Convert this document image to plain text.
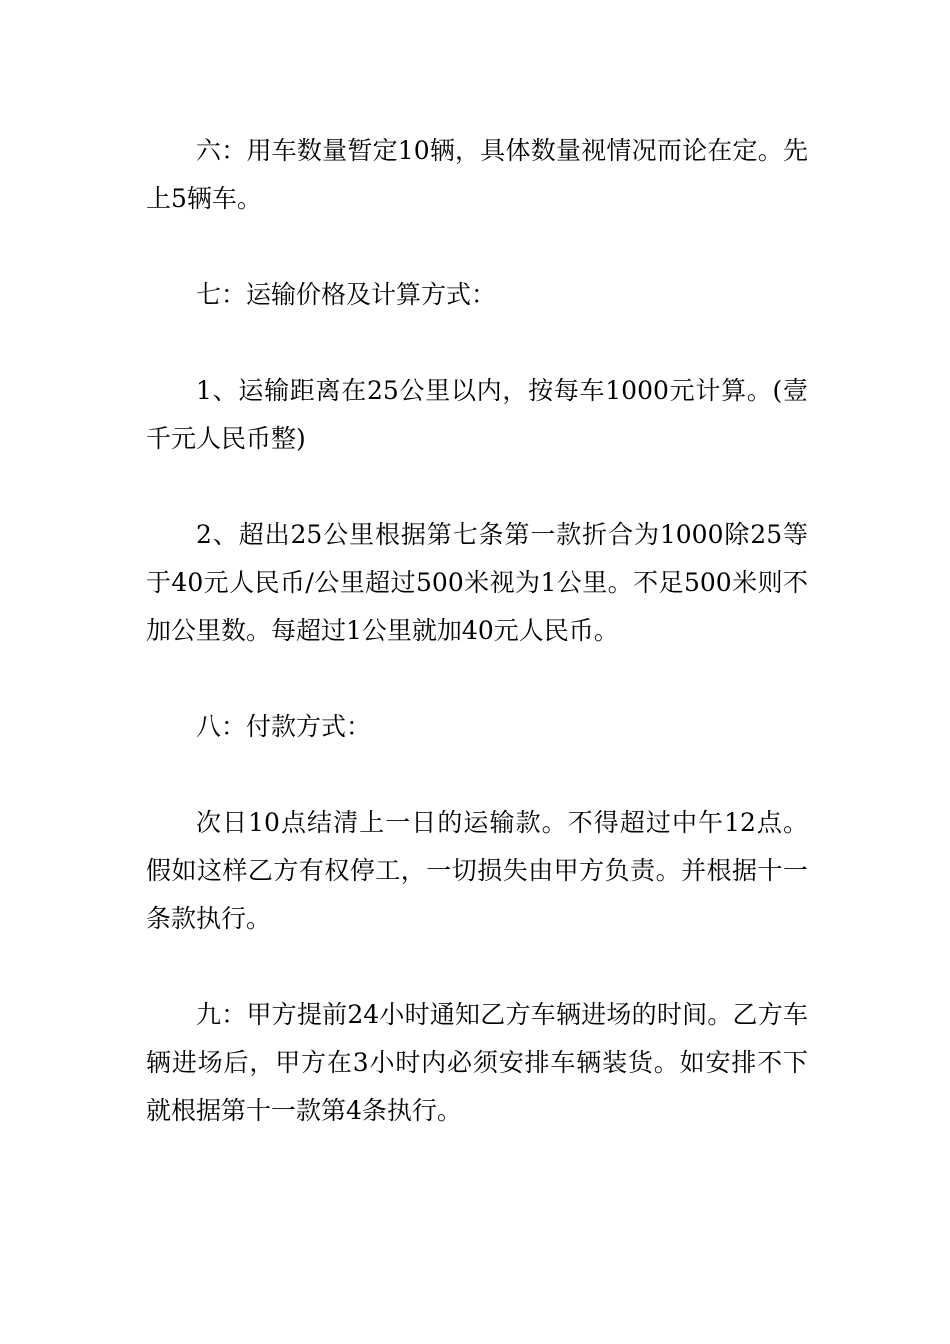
六：用车数量暂定10辆，具体数量视情况而论在定。先上5辆车。

七：运输价格及计算方式：

1、运输距离在25公里以内，按每车1000元计算。(壹千元人民币整)

2、超出25公里根据第七条第一款折合为1000除25等于40元人民币/公里超过500米视为1公里。不足500米则不加公里数。每超过1公里就加40元人民币。

八：付款方式：

次日10点结清上一日的运输款。不得超过中午12点。假如这样乙方有权停工，一切损失由甲方负责。并根据十一条款执行。

九：甲方提前24小时通知乙方车辆进场的时间。乙方车辆进场后，甲方在3小时内必须安排车辆装货。如安排不下就根据第十一款第4条执行。
